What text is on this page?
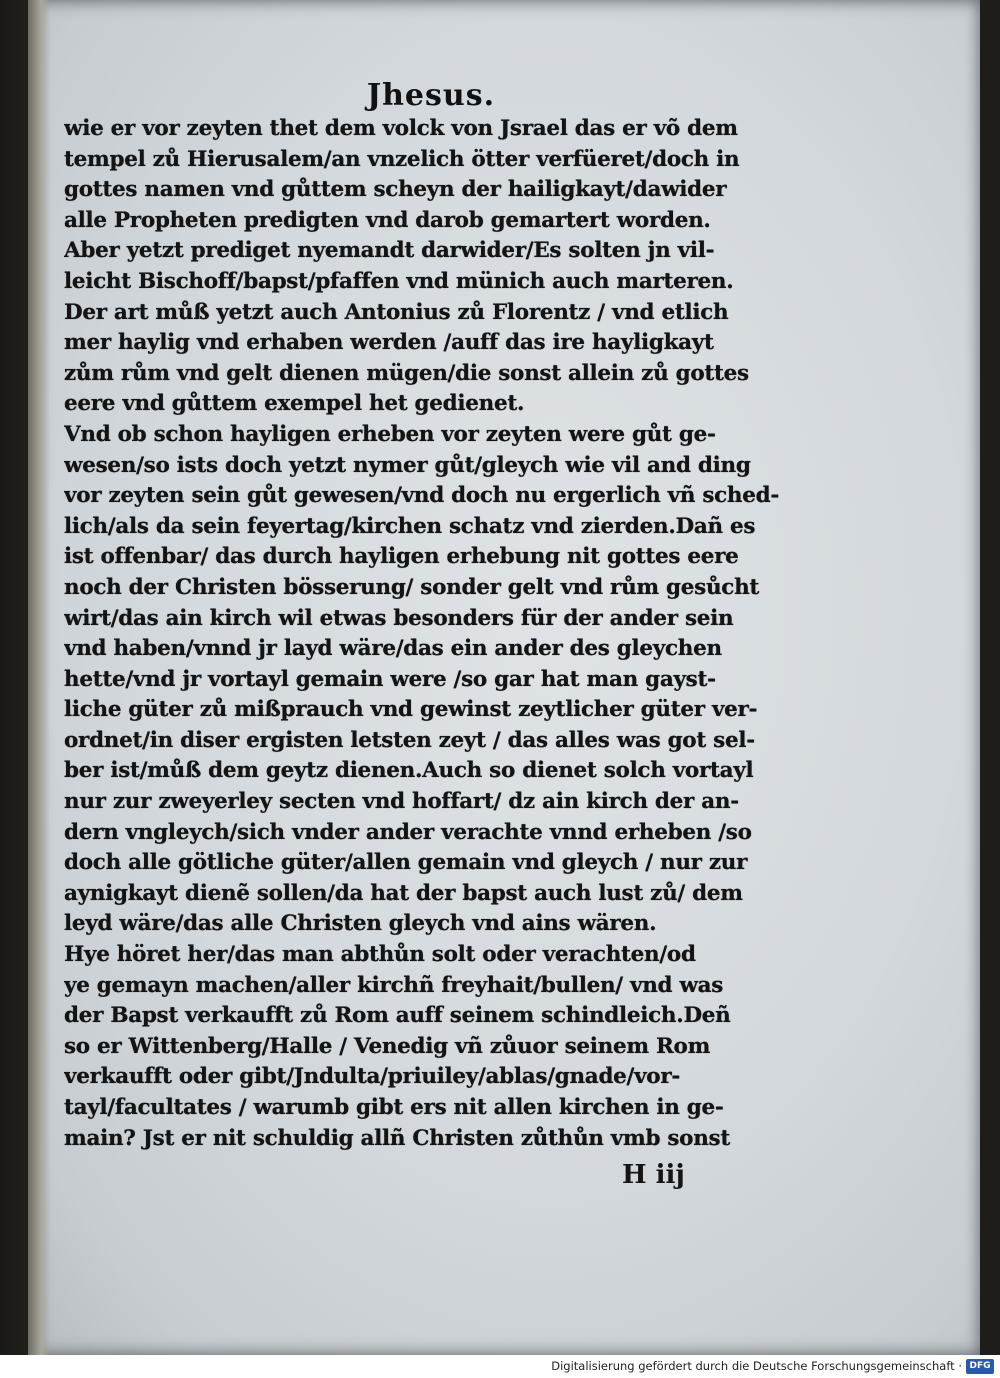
Jhesus.
wie er vor zeyten thet dem volck von Jsrael das er võ dem
tempel zů Hierusalem/an vnzelich ötter verfüeret/doch in
gottes namen vnd gůttem scheyn der hailigkayt/dawider
alle Propheten predigten vnd darob gemartert worden.
Aber yetzt prediget nyemandt darwider/Es solten jn vil‑
leicht Bischoff/bapst/pfaffen vnd münich auch marteren.
Der art můß yetzt auch Antonius zů Florentz / vnd etlich
mer haylig vnd erhaben werden /auff das ire hayligkayt
zům rům vnd gelt dienen mügen/die sonst allein zů gottes
eere vnd gůttem exempel het gedienet.
Vnd ob schon hayligen erheben vor zeyten were gůt ge‑
wesen/so ists doch yetzt nymer gůt/gleych wie vil and ding
vor zeyten sein gůt gewesen/vnd doch nu ergerlich vñ sched‑
lich/als da sein feyertag/kirchen schatz vnd zierden.Dañ es
ist offenbar/ das durch hayligen erhebung nit gottes eere
noch der Christen bösserung/ sonder gelt vnd rům gesůcht
wirt/das ain kirch wil etwas besonders für der ander sein
vnd haben/vnnd jr layd wäre/das ein ander des gleychen
hette/vnd jr vortayl gemain were /so gar hat man gayst‑
liche güter zů mißprauch vnd gewinst zeytlicher güter ver‑
ordnet/in diser ergisten letsten zeyt / das alles was got sel‑
ber ist/můß dem geytz dienen.Auch so dienet solch vortayl
nur zur zweyerley secten vnd hoffart/ dz ain kirch der an‑
dern vngleych/sich vnder ander verachte vnnd erheben /so
doch alle götliche güter/allen gemain vnd gleych / nur zur
aynigkayt dienẽ sollen/da hat der bapst auch lust zů/ dem
leyd wäre/das alle Christen gleych vnd ains wären.
Hye höret her/das man abthůn solt oder verachten/od
ye gemayn machen/aller kirchñ freyhait/bullen/ vnd was
der Bapst verkaufft zů Rom auff seinem schindleich.Deñ
so er Wittenberg/Halle / Venedig vñ zůuor seinem Rom
verkaufft oder gibt/Jndulta/priuiley/ablas/gnade/vor‑
tayl/facultates / warumb gibt ers nit allen kirchen in ge‑
main? Jst er nit schuldig allñ Christen zůthůn vmb sonst
H iij
Digitalisierung gefördert durch die Deutsche Forschungsgemeinschaft · DFG
